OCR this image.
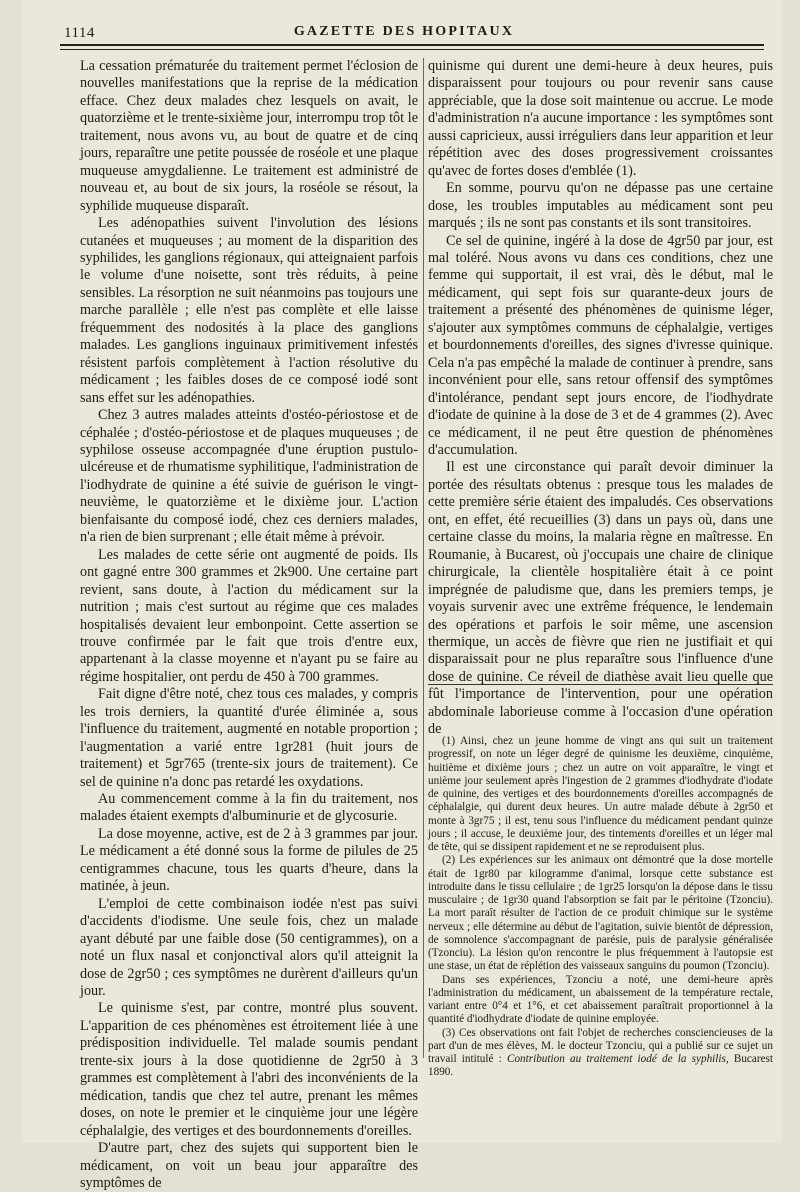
1114	GAZETTE DES HOPITAUX

La cessation prématurée du traitement permet l'éclosion de nouvelles manifestations que la reprise de la médication efface. Chez deux malades chez lesquels on avait, le quatorzième et le trente-sixième jour, interrompu trop tôt le traitement, nous avons vu, au bout de quatre et de cinq jours, reparaître une petite poussée de roséole et une plaque muqueuse amygdalienne. Le traitement est administré de nouveau et, au bout de six jours, la roséole se résout, la syphilide muqueuse disparaît.

Les adénopathies suivent l'involution des lésions cutanées et muqueuses ; au moment de la disparition des syphilides, les ganglions régionaux, qui atteignaient parfois le volume d'une noisette, sont très réduits, à peine sensibles. La résorption ne suit néanmoins pas toujours une marche parallèle ; elle n'est pas complète et elle laisse fréquemment des nodosités à la place des ganglions malades. Les ganglions inguinaux primitivement infestés résistent parfois complètement à l'action résolutive du médicament ; les faibles doses de ce composé iodé sont sans effet sur les adénopathies.

Chez 3 autres malades atteints d'ostéo-périostose et de céphalée ; d'ostéo-périostose et de plaques muqueuses ; de syphilose osseuse accompagnée d'une éruption pustulo-ulcéreuse et de rhumatisme syphilitique, l'administration de l'iodhydrate de quinine a été suivie de guérison le vingt-neuvième, le quatorzième et le dixième jour. L'action bienfaisante du composé iodé, chez ces derniers malades, n'a rien de bien surprenant ; elle était même à prévoir.

Les malades de cette série ont augmenté de poids. Ils ont gagné entre 300 grammes et 2k900. Une certaine part revient, sans doute, à l'action du médicament sur la nutrition ; mais c'est surtout au régime que ces malades hospitalisés devaient leur embonpoint. Cette assertion se trouve confirmée par le fait que trois d'entre eux, appartenant à la classe moyenne et n'ayant pu se faire au régime hospitalier, ont perdu de 450 à 700 grammes.

Fait digne d'être noté, chez tous ces malades, y compris les trois derniers, la quantité d'urée éliminée a, sous l'influence du traitement, augmenté en notable proportion ; l'augmentation a varié entre 1gr281 (huit jours de traitement) et 5gr765 (trente-six jours de traitement). Ce sel de quinine n'a donc pas retardé les oxydations.

Au commencement comme à la fin du traitement, nos malades étaient exempts d'albuminurie et de glycosurie.

La dose moyenne, active, est de 2 à 3 grammes par jour. Le médicament a été donné sous la forme de pilules de 25 centigrammes chacune, tous les quarts d'heure, dans la matinée, à jeun.

L'emploi de cette combinaison iodée n'est pas suivi d'accidents d'iodisme. Une seule fois, chez un malade ayant débuté par une faible dose (50 centigrammes), on a noté un flux nasal et conjonctival alors qu'il atteignit la dose de 2gr50 ; ces symptômes ne durèrent d'ailleurs qu'un jour.

Le quinisme s'est, par contre, montré plus souvent. L'apparition de ces phénomènes est étroitement liée à une prédisposition individuelle. Tel malade soumis pendant trente-six jours à la dose quotidienne de 2gr50 à 3 grammes est complètement à l'abri des inconvénients de la médication, tandis que chez tel autre, prenant les mêmes doses, on note le premier et le cinquième jour une légère céphalalgie, des vertiges et des bourdonnements d'oreilles.

D'autre part, chez des sujets qui supportent bien le médicament, on voit un beau jour apparaître des symptômes de

quinisme qui durent une demi-heure à deux heures, puis disparaissent pour toujours ou pour revenir sans cause appréciable, que la dose soit maintenue ou accrue. Le mode d'administration n'a aucune importance : les symptômes sont aussi capricieux, aussi irréguliers dans leur apparition et leur répétition avec des doses progressivement croissantes qu'avec de fortes doses d'emblée (1).

En somme, pourvu qu'on ne dépasse pas une certaine dose, les troubles imputables au médicament sont peu marqués ; ils ne sont pas constants et ils sont transitoires.

Ce sel de quinine, ingéré à la dose de 4gr50 par jour, est mal toléré. Nous avons vu dans ces conditions, chez une femme qui supportait, il est vrai, dès le début, mal le médicament, qui sept fois sur quarante-deux jours de traitement a présenté des phénomènes de quinisme léger, s'ajouter aux symptômes communs de céphalalgie, vertiges et bourdonnements d'oreilles, des signes d'ivresse quinique. Cela n'a pas empêché la malade de continuer à prendre, sans inconvénient pour elle, sans retour offensif des symptômes d'intolérance, pendant sept jours encore, de l'iodhydrate d'iodate de quinine à la dose de 3 et de 4 grammes (2). Avec ce médicament, il ne peut être question de phénomènes d'accumulation.

Il est une circonstance qui paraît devoir diminuer la portée des résultats obtenus : presque tous les malades de cette première série étaient des impaludés. Ces observations ont, en effet, été recueillies (3) dans un pays où, dans une certaine classe du moins, la malaria règne en maîtresse. En Roumanie, à Bucarest, où j'occupais une chaire de clinique chirurgicale, la clientèle hospitalière était à ce point imprégnée de paludisme que, dans les premiers temps, je voyais survenir avec une extrême fréquence, le lendemain des opérations et parfois le soir même, une ascension thermique, un accès de fièvre que rien ne justifiait et qui disparaissait pour ne plus reparaître sous l'influence d'une dose de quinine. Ce réveil de diathèse avait lieu quelle que fût l'importance de l'intervention, pour une opération abdominale laborieuse comme à l'occasion d'une opération de

(1) Ainsi, chez un jeune homme de vingt ans qui suit un traitement progressif, on note un léger degré de quinisme les deuxième, cinquième, huitième et dixième jours ; chez un autre on voit apparaître, le vingt et unième jour seulement après l'ingestion de 2 grammes d'iodhydrate d'iodate de quinine, des vertiges et des bourdonnements d'oreilles accompagnés de céphalalgie, qui durent deux heures. Un autre malade débute à 2gr50 et monte à 3gr75 ; il est, tenu sous l'influence du médicament pendant quinze jours ; il accuse, le deuxième jour, des tintements d'oreilles et un léger mal de tête, qui se dissipent rapidement et ne se reproduisent plus.

(2) Les expériences sur les animaux ont démontré que la dose mortelle était de 1gr80 par kilogramme d'animal, lorsque cette substance est introduite dans le tissu cellulaire ; de 1gr25 lorsqu'on la dépose dans le tissu musculaire ; de 1gr30 quand l'absorption se fait par le péritoine (Tzonciu). La mort paraît résulter de l'action de ce produit chimique sur le système nerveux ; elle détermine au début de l'agitation, suivie bientôt de dépression, de somnolence s'accompagnant de parésie, puis de paralysie généralisée (Tzonciu). La lésion qu'on rencontre le plus fréquemment à l'autopsie est une stase, un état de réplétion des vaisseaux sanguins du poumon (Tzonciu).

Dans ses expériences, Tzonciu a noté, une demi-heure après l'administration du médicament, un abaissement de la température rectale, variant entre 0°4 et 1°6, et cet abaissement paraîtrait proportionnel à la quantité d'iodhydrate d'iodate de quinine employée.

(3) Ces observations ont fait l'objet de recherches consciencieuses de la part d'un de mes élèves, M. le docteur Tzonciu, qui a publié sur ce sujet un travail intitulé : Contribution au traitement iodé de la syphilis, Bucarest 1890.
